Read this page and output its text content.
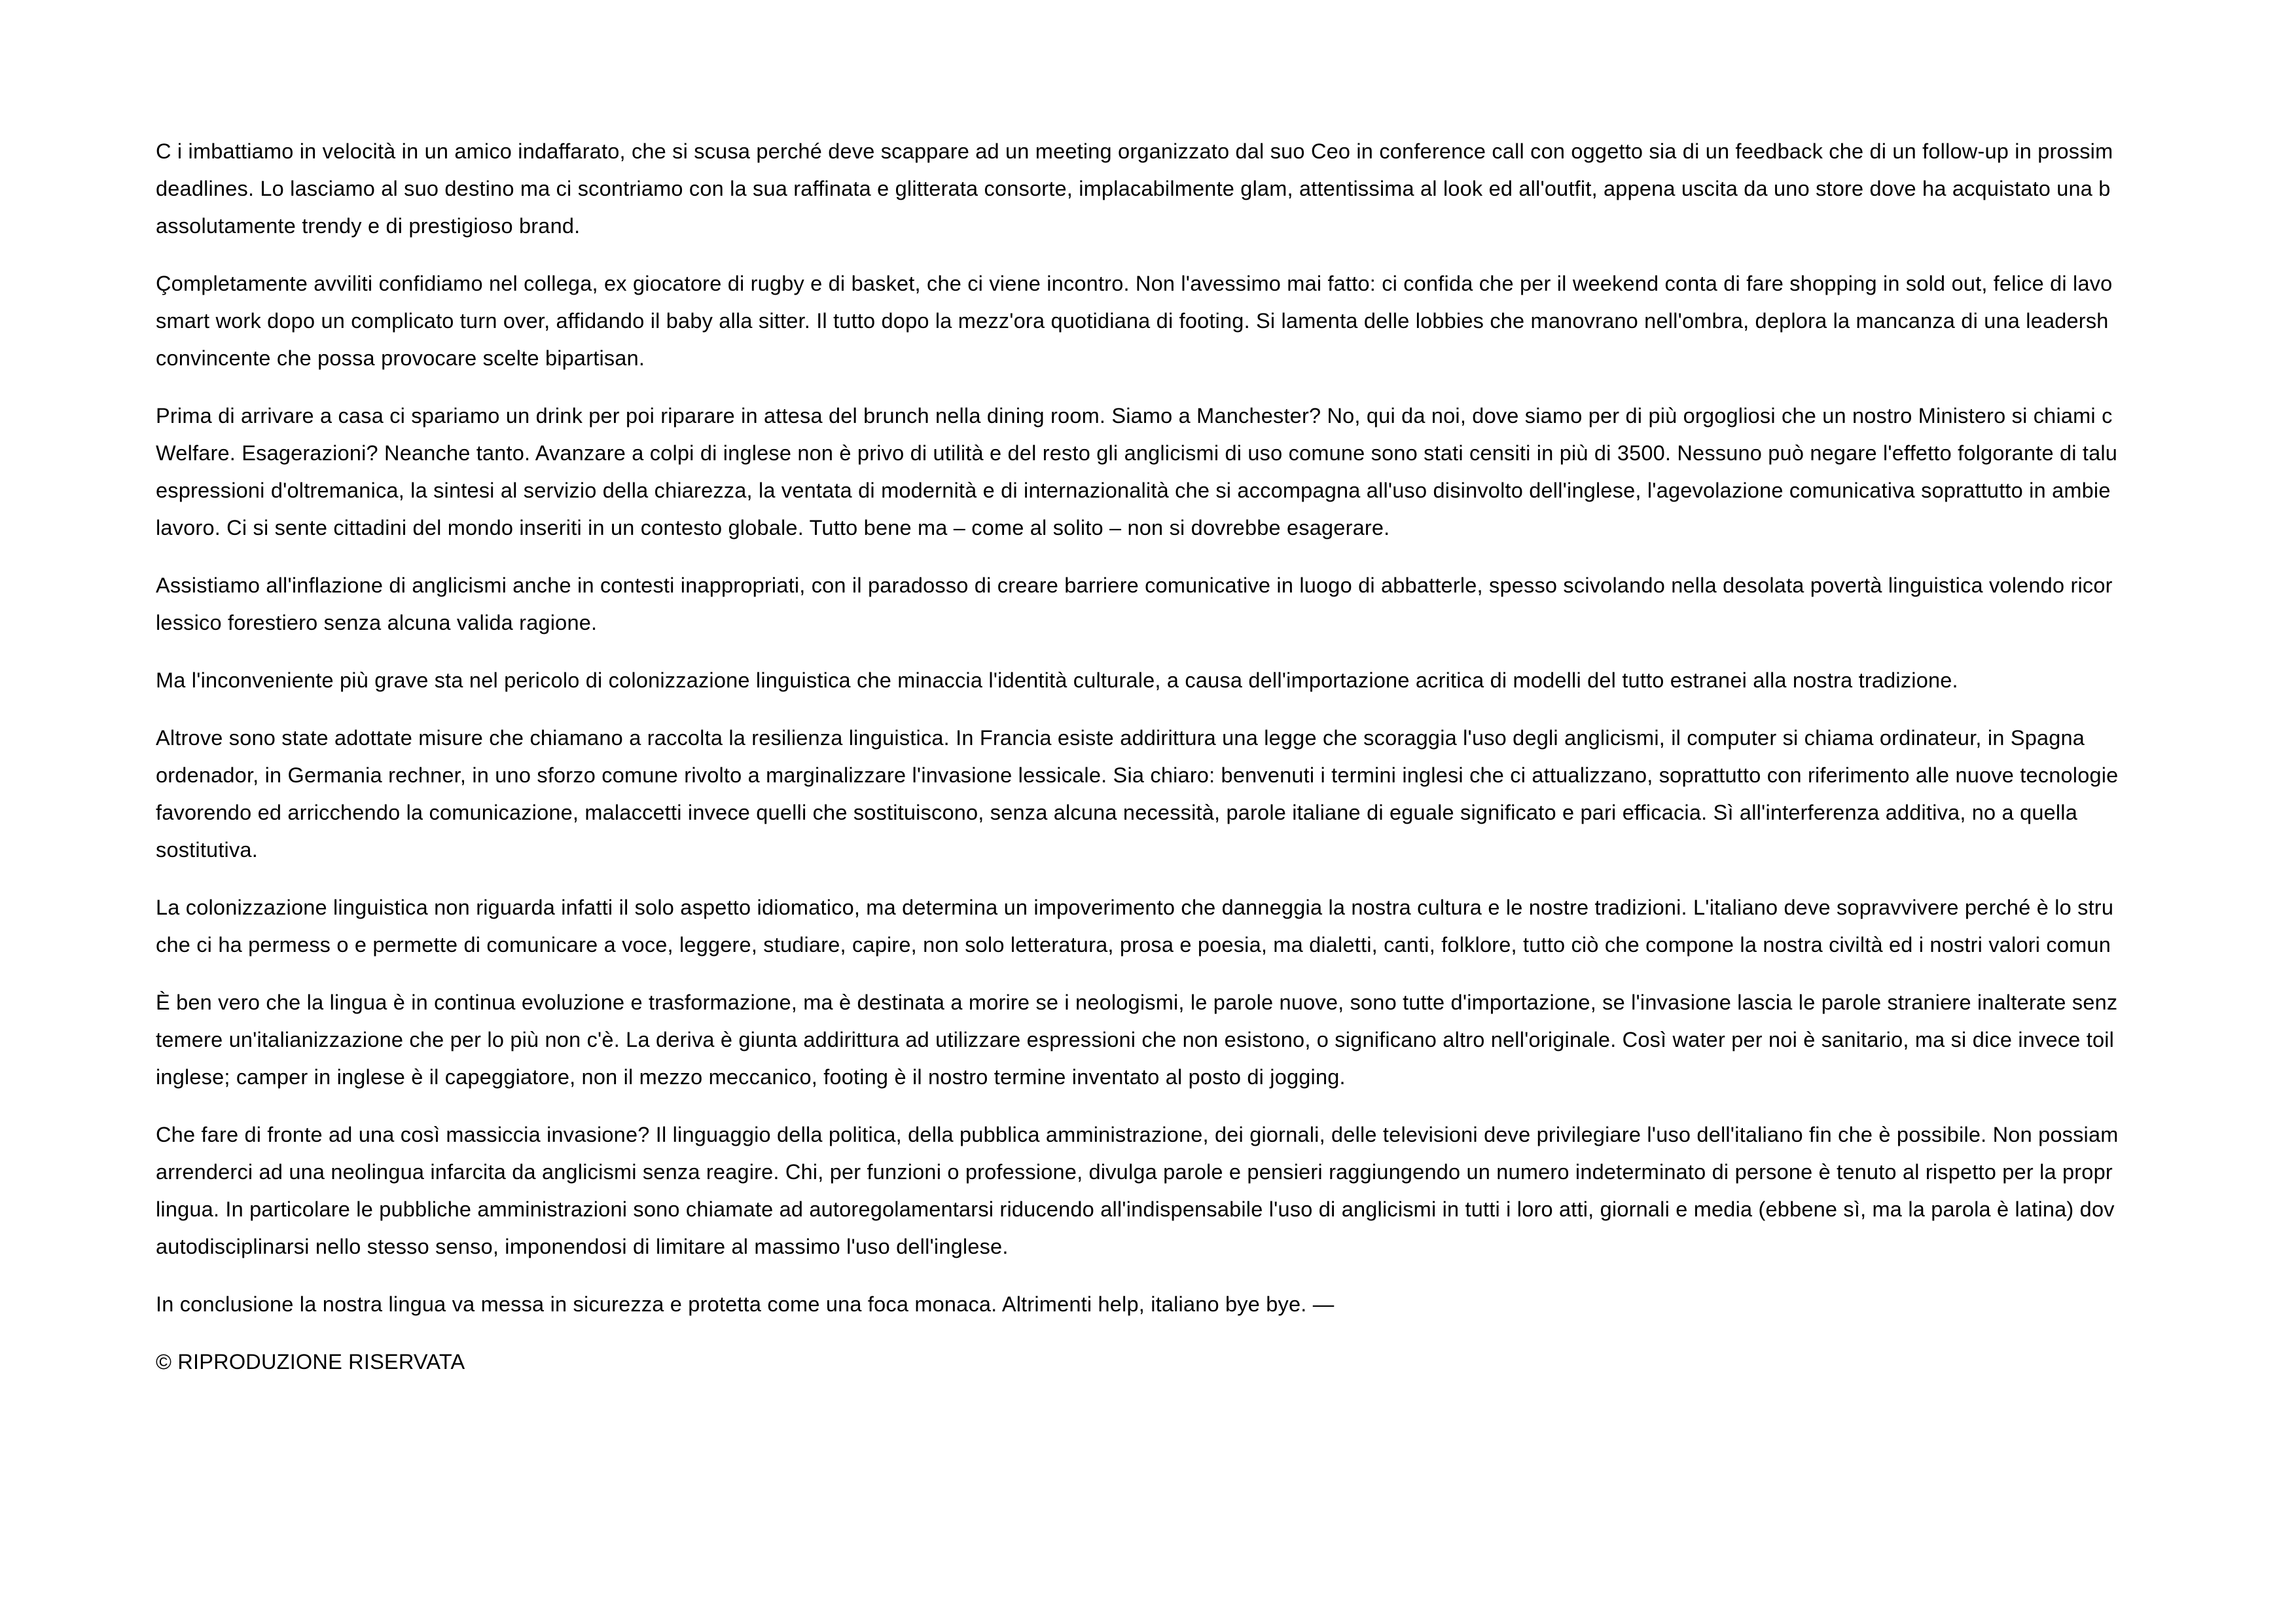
C i imbattiamo in velocità in un amico indaffarato, che si scusa perché deve scappare ad un meeting organizzato dal suo Ceo in conference call con oggetto sia di un feedback che di un follow-up in prossim
deadlines. Lo lasciamo al suo destino ma ci scontriamo con la sua raffinata e glitterata consorte, implacabilmente glam, attentissima al look ed all'outfit, appena uscita da uno store dove ha acquistato una b
assolutamente trendy e di prestigioso brand.
Çompletamente avviliti confidiamo nel collega, ex giocatore di rugby e di basket, che ci viene incontro. Non l'avessimo mai fatto: ci confida che per il weekend conta di fare shopping in sold out, felice di lavo
smart work dopo un complicato turn over, affidando il baby alla sitter. Il tutto dopo la mezz'ora quotidiana di footing. Si lamenta delle lobbies che manovrano nell'ombra, deplora la mancanza di una leadersh
convincente che possa provocare scelte bipartisan.
Prima di arrivare a casa ci spariamo un drink per poi riparare in attesa del brunch nella dining room. Siamo a Manchester? No, qui da noi, dove siamo per di più orgogliosi che un nostro Ministero si chiami c
Welfare. Esagerazioni? Neanche tanto. Avanzare a colpi di inglese non è privo di utilità e del resto gli anglicismi di uso comune sono stati censiti in più di 3500. Nessuno può negare l'effetto folgorante di talu
espressioni d'oltremanica, la sintesi al servizio della chiarezza, la ventata di modernità e di internazionalità che si accompagna all'uso disinvolto dell'inglese, l'agevolazione comunicativa soprattutto in ambie
lavoro. Ci si sente cittadini del mondo inseriti in un contesto globale. Tutto bene ma – come al solito – non si dovrebbe esagerare.
Assistiamo all'inflazione di anglicismi anche in contesti inappropriati, con il paradosso di creare barriere comunicative in luogo di abbatterle, spesso scivolando nella desolata povertà linguistica volendo ricor
lessico forestiero senza alcuna valida ragione.
Ma l'inconveniente più grave sta nel pericolo di colonizzazione linguistica che minaccia l'identità culturale, a causa dell'importazione acritica di modelli del tutto estranei alla nostra tradizione.
Altrove sono state adottate misure che chiamano a raccolta la resilienza linguistica. In Francia esiste addirittura una legge che scoraggia l'uso degli anglicismi, il computer si chiama ordinateur, in Spagna
ordenador, in Germania rechner, in uno sforzo comune rivolto a marginalizzare l'invasione lessicale. Sia chiaro: benvenuti i termini inglesi che ci attualizzano, soprattutto con riferimento alle nuove tecnologie
favorendo ed arricchendo la comunicazione, malaccetti invece quelli che sostituiscono, senza alcuna necessità, parole italiane di eguale significato e pari efficacia. Sì all'interferenza additiva, no a quella
sostitutiva.
La colonizzazione linguistica non riguarda infatti il solo aspetto idiomatico, ma determina un impoverimento che danneggia la nostra cultura e le nostre tradizioni. L'italiano deve sopravvivere perché è lo stru
che ci ha permess o e permette di comunicare a voce, leggere, studiare, capire, non solo letteratura, prosa e poesia, ma dialetti, canti, folklore, tutto ciò che compone la nostra civiltà ed i nostri valori comun
È ben vero che la lingua è in continua evoluzione e trasformazione, ma è destinata a morire se i neologismi, le parole nuove, sono tutte d'importazione, se l'invasione lascia le parole straniere inalterate senz
temere un'italianizzazione che per lo più non c'è. La deriva è giunta addirittura ad utilizzare espressioni che non esistono, o significano altro nell'originale. Così water per noi è sanitario, ma si dice invece toil
inglese; camper in inglese è il capeggiatore, non il mezzo meccanico, footing è il nostro termine inventato al posto di jogging.
Che fare di fronte ad una così massiccia invasione? Il linguaggio della politica, della pubblica amministrazione, dei giornali, delle televisioni deve privilegiare l'uso dell'italiano fin che è possibile. Non possiam
arrenderci ad una neolingua infarcita da anglicismi senza reagire. Chi, per funzioni o professione, divulga parole e pensieri raggiungendo un numero indeterminato di persone è tenuto al rispetto per la propr
lingua. In particolare le pubbliche amministrazioni sono chiamate ad autoregolamentarsi riducendo all'indispensabile l'uso di anglicismi in tutti i loro atti, giornali e media (ebbene sì, ma la parola è latina) dov
autodisciplinarsi nello stesso senso, imponendosi di limitare al massimo l'uso dell'inglese.
In conclusione la nostra lingua va messa in sicurezza e protetta come una foca monaca. Altrimenti help, italiano bye bye. —
© RIPRODUZIONE RISERVATA
